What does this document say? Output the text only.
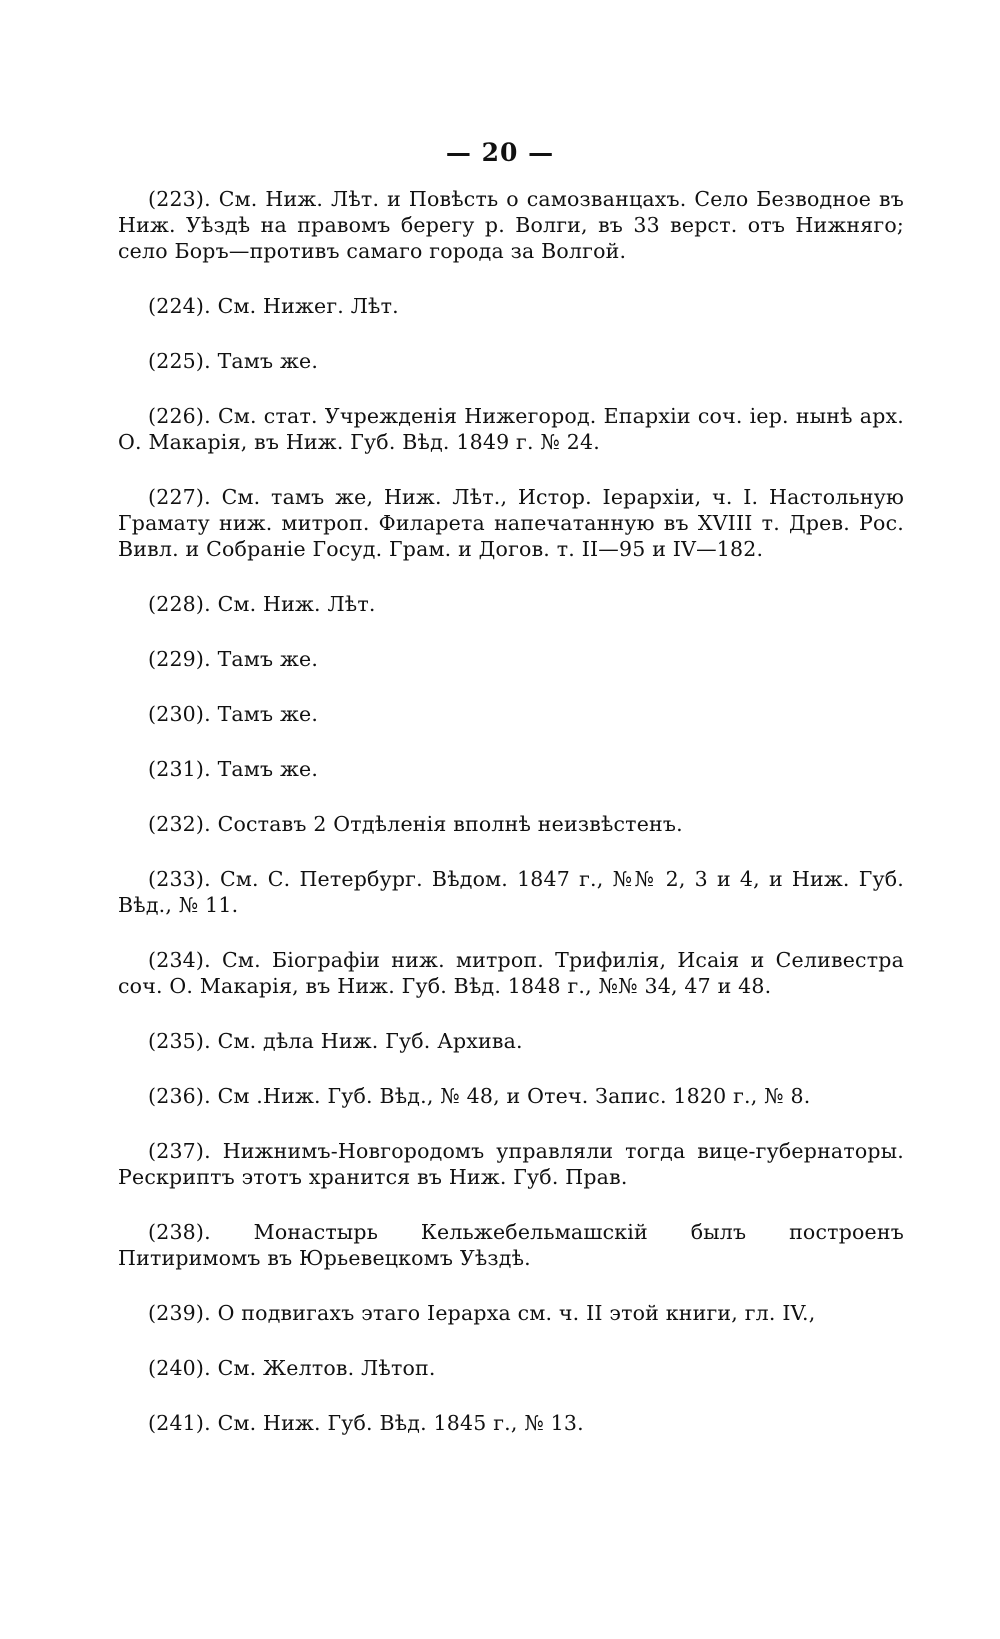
— 20 —

(223). См. Ниж. Лѣт. и Повѣсть о самозванцахъ. Село Безводное въ Ниж. Уѣздѣ на правомъ берегу р. Волги, въ 33 верст. отъ Нижняго; село Боръ—противъ самаго города за Волгой.

(224). См. Нижег. Лѣт.

(225). Тамъ же.

(226). См. стат. Учрежденія Нижегород. Епархіи соч. іер. нынѣ арх. О. Макарія, въ Ниж. Губ. Вѣд. 1849 г. № 24.

(227). См. тамъ же, Ниж. Лѣт., Истор. Іерархіи, ч. I. Настольную Грамату ниж. митроп. Филарета напечатанную въ XVIII т. Древ. Рос. Вивл. и Собраніе Госуд. Грам. и Догов. т. II—95 и IV—182.

(228). См. Ниж. Лѣт.

(229). Тамъ же.

(230). Тамъ же.

(231). Тамъ же.

(232). Составъ 2 Отдѣленія вполнѣ неизвѣстенъ.

(233). См. С. Петербург. Вѣдом. 1847 г., №№ 2, 3 и 4, и Ниж. Губ. Вѣд., № 11.

(234). См. Біографіи ниж. митроп. Трифилія, Исаія и Селивестра соч. О. Макарія, въ Ниж. Губ. Вѣд. 1848 г., №№ 34, 47 и 48.

(235). См. дѣла Ниж. Губ. Архива.

(236). См .Ниж. Губ. Вѣд., № 48, и Отеч. Запис. 1820 г., № 8.

(237). Нижнимъ-Новгородомъ управляли тогда вице-губернаторы. Рескриптъ этотъ хранится въ Ниж. Губ. Прав.

(238). Монастырь Кельжебельмашскій былъ построенъ Питиримомъ въ Юрьевецкомъ Уѣздѣ.

(239). О подвигахъ этаго Іерарха см. ч. II этой книги, гл. IV.,

(240). См. Желтов. Лѣтоп.

(241). См. Ниж. Губ. Вѣд. 1845 г., № 13.
